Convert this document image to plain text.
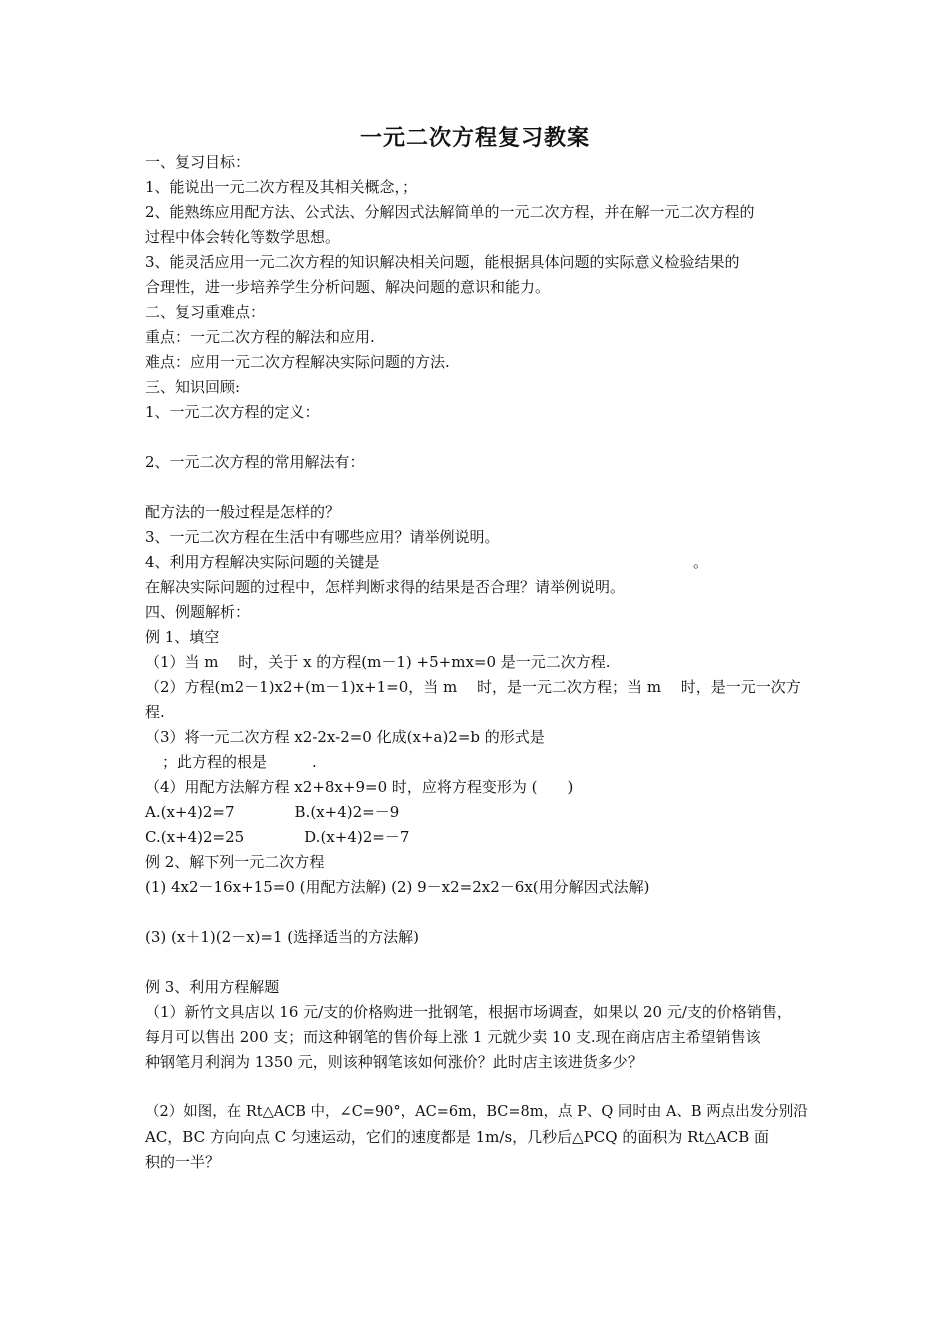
一元二次方程复习教案
一、复习目标：
1、能说出一元二次方程及其相关概念，；
2、能熟练应用配方法、公式法、分解因式法解简单的一元二次方程，并在解一元二次方程的
过程中体会转化等数学思想。
3、能灵活应用一元二次方程的知识解决相关问题，能根据具体问题的实际意义检验结果的
合理性，进一步培养学生分析问题、解决问题的意识和能力。
二、复习重难点：
重点：一元二次方程的解法和应用.
难点：应用一元二次方程解决实际问题的方法.
三、知识回顾:
1、一元二次方程的定义：
2、一元二次方程的常用解法有：
配方法的一般过程是怎样的？
3、一元二次方程在生活中有哪些应用？请举例说明。
4、利用方程解决实际问题的关键是	。
在解决实际问题的过程中，怎样判断求得的结果是否合理？请举例说明。
四、例题解析：
例 1、填空
（1）当 m　 时，关于 x 的方程(m－1) +5+mx=0 是一元二次方程.
（2）方程(m2－1)x2+(m－1)x+1=0，当 m　 时，是一元二次方程；当 m　 时，是一元一次方
程.
（3）将一元二次方程 x2-2x-2=0 化成(x+a)2=b 的形式是
；此方程的根是　　　.
（4）用配方法解方程 x2+8x+9=0 时，应将方程变形为 (　　)
A.(x+4)2=7　　　　B.(x+4)2=－9
C.(x+4)2=25　　　　D.(x+4)2=－7
例 2、解下列一元二次方程
(1) 4x2－16x+15=0 (用配方法解) (2) 9－x2=2x2－6x(用分解因式法解)
(3) (x＋1)(2－x)=1 (选择适当的方法解)
例 3、利用方程解题
（1）新竹文具店以 16 元/支的价格购进一批钢笔，根据市场调查，如果以 20 元/支的价格销售，
每月可以售出 200 支；而这种钢笔的售价每上涨 1 元就少卖 10 支.现在商店店主希望销售该
种钢笔月利润为 1350 元，则该种钢笔该如何涨价？此时店主该进货多少？
（2）如图，在 Rt△ACB 中，∠C=90°，AC=6m，BC=8m，点 P、Q 同时由 A、B 两点出发分别沿
AC，BC 方向向点 C 匀速运动，它们的速度都是 1m/s，几秒后△PCQ 的面积为 Rt△ACB 面
积的一半？
